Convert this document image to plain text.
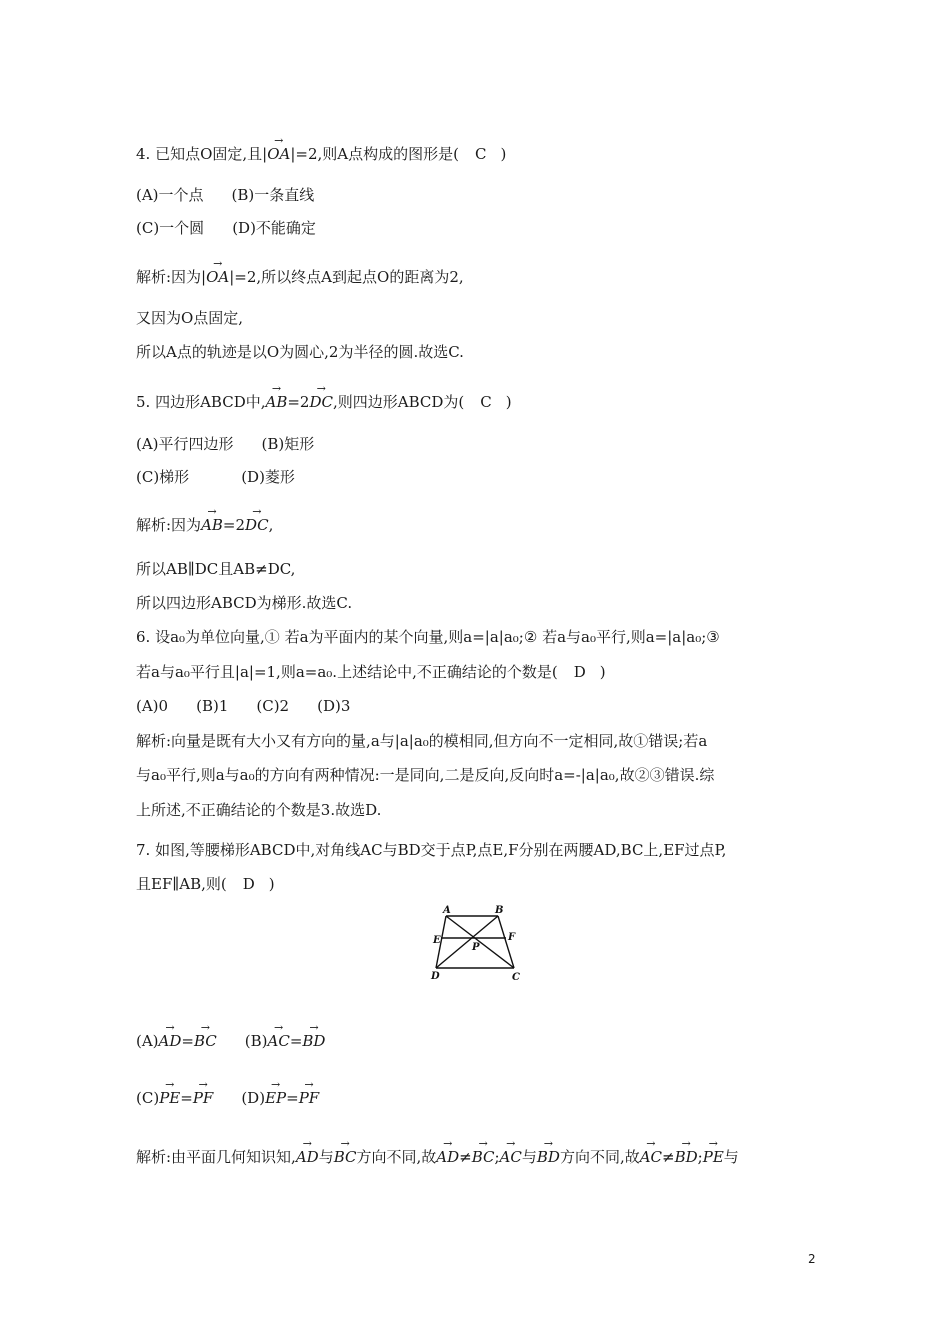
4. 已知点O固定,且|→ OA|=2,则A点构成的图形是( C )
(A)一个点 (B)一条直线
(C)一个圆 (D)不能确定
解析:因为|→ OA|=2,所以终点A到起点O的距离为2,
又因为O点固定,
所以A点的轨迹是以O为圆心,2为半径的圆.故选C.
5. 四边形ABCD中,→ AB=2→ DC,则四边形ABCD为( C )
(A)平行四边形 (B)矩形
(C)梯形	(D)菱形
解析:因为→ AB=2→ DC,
所以AB∥DC且AB≠DC,
所以四边形ABCD为梯形.故选C.
6. 设a₀为单位向量,① 若a为平面内的某个向量,则a=|a|a₀;② 若a与a₀平行,则a=|a|a₀;③
若a与a₀平行且|a|=1,则a=a₀.上述结论中,不正确结论的个数是( D )
(A)0 (B)1 (C)2 (D)3
解析:向量是既有大小又有方向的量,a与|a|a₀的模相同,但方向不一定相同,故①错误;若a
与a₀平行,则a与a₀的方向有两种情况:一是同向,二是反向,反向时a=-|a|a₀,故②③错误.综
上所述,不正确结论的个数是3.故选D.
7. 如图,等腰梯形ABCD中,对角线AC与BD交于点P,点E,F分别在两腰AD,BC上,EF过点P,
且EF∥AB,则( D )
A	B
C
D
E	F
P
(A)→ AD=→ BC (B)→ AC=→ BD
(C)→ PE=→ PF (D)→ EP=→ PF
解析:由平面几何知识知,→ AD与→ BC方向不同,故→ AD≠→ BC;→ AC与→ BD方向不同,故→ AC≠→ BD;→ PE与
2
